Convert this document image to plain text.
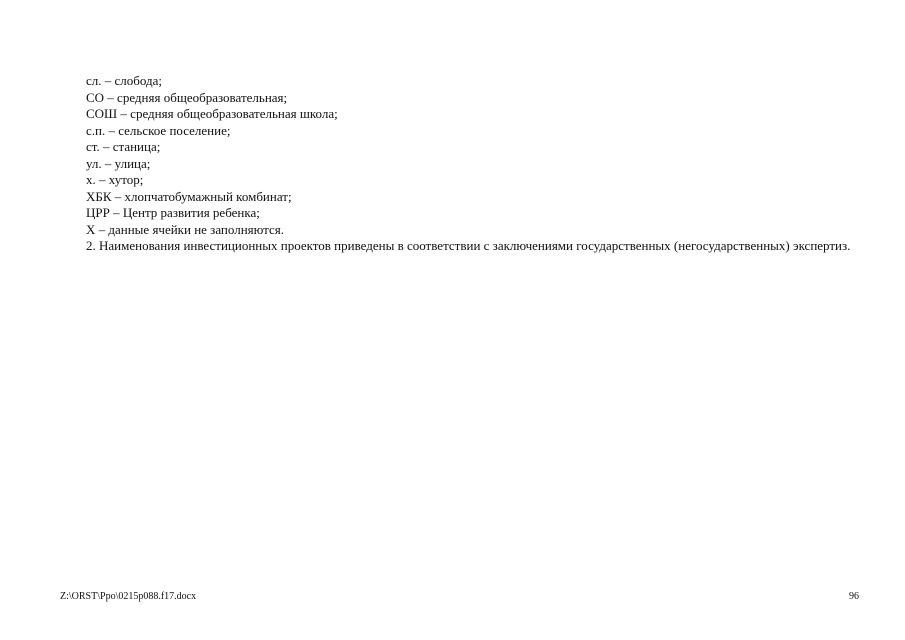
сл. – слобода;

СО – средняя общеобразовательная;

СОШ – средняя общеобразовательная школа;

с.п. – сельское поселение;

ст. – станица;

ул. – улица;

х. – хутор;

ХБК – хлопчатобумажный комбинат;

ЦРР – Центр развития ребенка;

Х – данные ячейки не заполняются.

2. Наименования инвестиционных проектов приведены в соответствии с заключениями государственных (негосударственных) экспертиз.

Z:\ORST\Ppo\0215p088.f17.docx	96
